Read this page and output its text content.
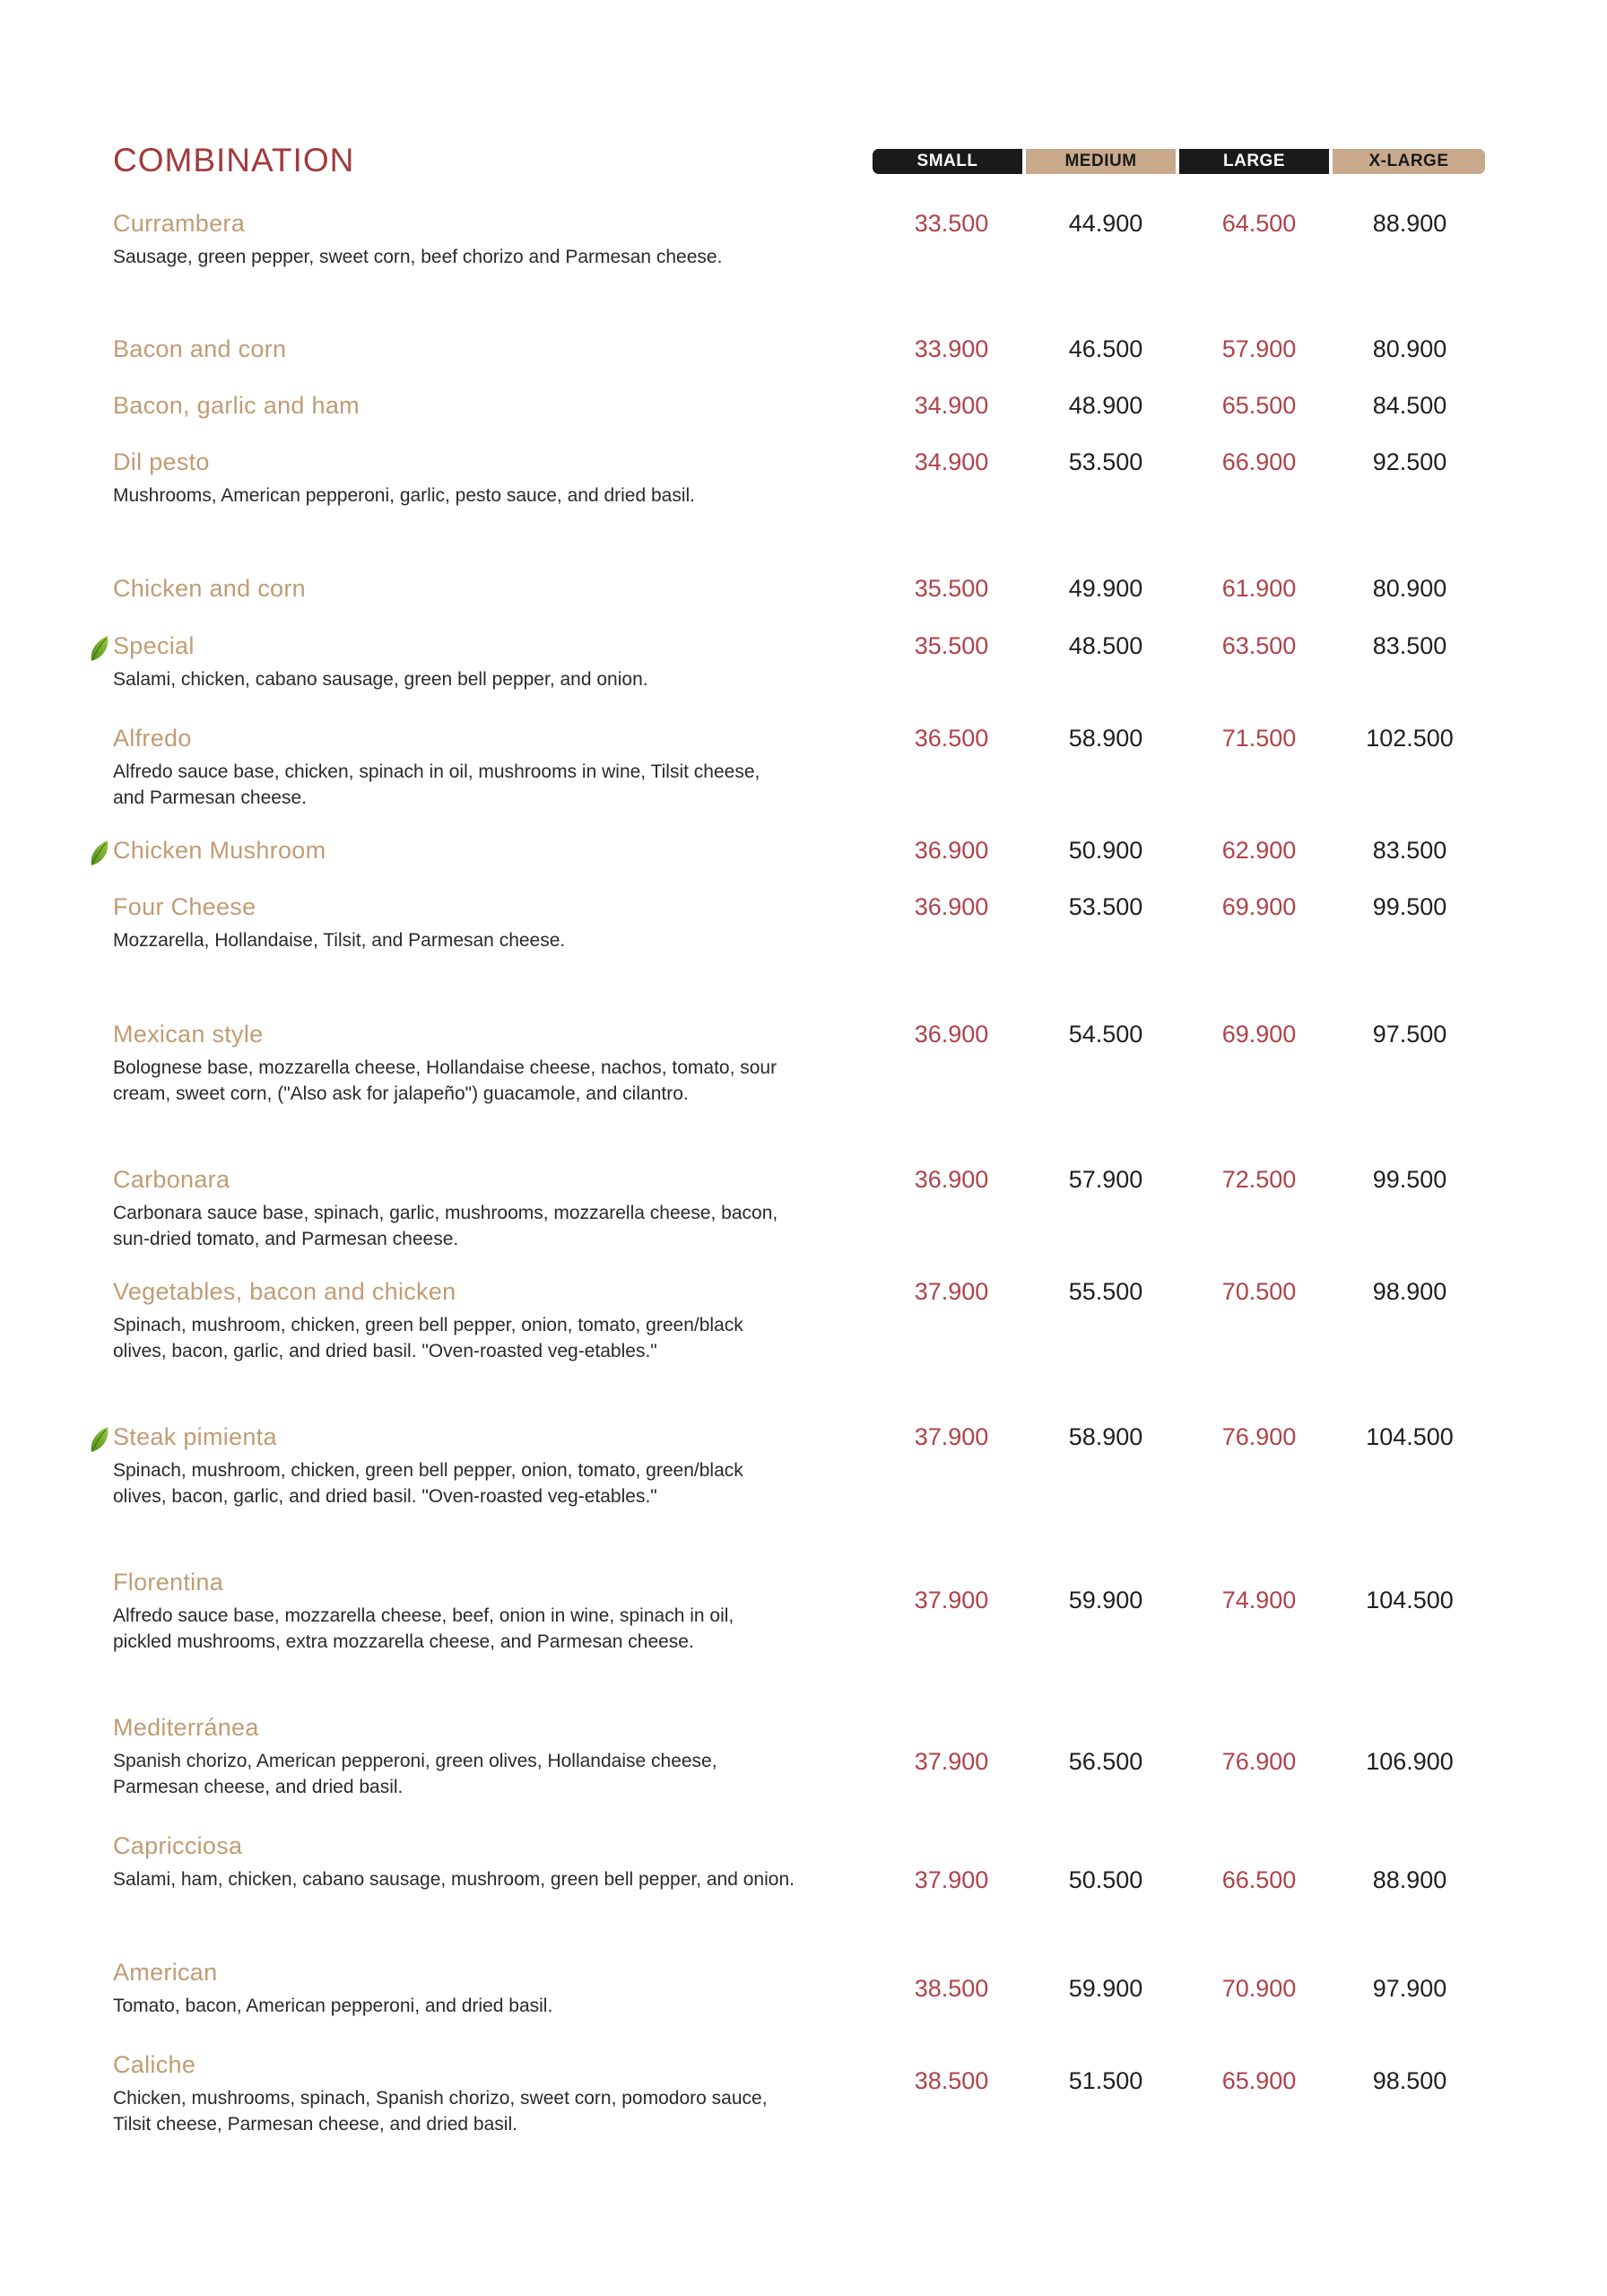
COMBINATION	SMALL	MEDIUM	LARGE	X-LARGE
Currambera
Sausage, green pepper, sweet corn, beef chorizo and Parmesan cheese.
33.500	44.900	64.500	88.900
Bacon and corn	33.900	46.500	57.900	80.900
Bacon, garlic and ham	34.900	48.900	65.500	84.500
Dil pesto
Mushrooms, American pepperoni, garlic, pesto sauce, and dried basil.
34.900	53.500	66.900	92.500
Chicken and corn	35.500	49.900	61.900	80.900
Special
Salami, chicken, cabano sausage, green bell pepper, and onion.
35.500	48.500	63.500	83.500
Alfredo
Alfredo sauce base, chicken, spinach in oil, mushrooms in wine, Tilsit cheese, and Parmesan cheese.
36.500	58.900	71.500	102.500
Chicken Mushroom	36.900	50.900	62.900	83.500
Four Cheese
Mozzarella, Hollandaise, Tilsit, and Parmesan cheese.
36.900	53.500	69.900	99.500
Mexican style
Bolognese base, mozzarella cheese, Hollandaise cheese, nachos, tomato, sour cream, sweet corn, ("Also ask for jalapeño") guacamole, and cilantro.
36.900	54.500	69.900	97.500
Carbonara
Carbonara sauce base, spinach, garlic, mushrooms, mozzarella cheese, bacon, sun-dried tomato, and Parmesan cheese.
36.900	57.900	72.500	99.500
Vegetables, bacon and chicken
Spinach, mushroom, chicken, green bell pepper, onion, tomato, green/black olives, bacon, garlic, and dried basil. "Oven-roasted veg-etables."
37.900	55.500	70.500	98.900
Steak pimienta
Spinach, mushroom, chicken, green bell pepper, onion, tomato, green/black olives, bacon, garlic, and dried basil. "Oven-roasted veg-etables."
37.900	58.900	76.900	104.500
Florentina
Alfredo sauce base, mozzarella cheese, beef, onion in wine, spinach in oil, pickled mushrooms, extra mozzarella cheese, and Parmesan cheese.
37.900	59.900	74.900	104.500
Mediterránea
Spanish chorizo, American pepperoni, green olives, Hollandaise cheese, Parmesan cheese, and dried basil.
37.900	56.500	76.900	106.900
Capricciosa
Salami, ham, chicken, cabano sausage, mushroom, green bell pepper, and onion.	37.900	50.500	66.500	88.900
American
Tomato, bacon, American pepperoni, and dried basil.
38.500	59.900	70.900	97.900
Caliche
Chicken, mushrooms, spinach, Spanish chorizo, sweet corn, pomodoro sauce, Tilsit cheese, Parmesan cheese, and dried basil.
38.500	51.500	65.900	98.500
